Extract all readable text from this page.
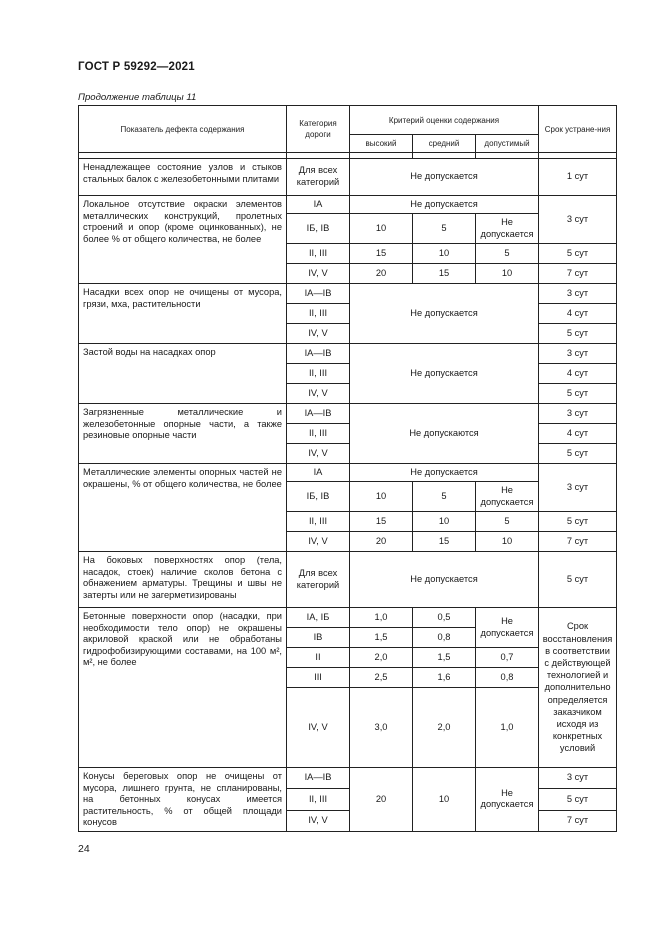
ГОСТ Р 59292—2021
Продолжение таблицы 11
Показатель дефекта содержания	Категория дороги	Критерий оценки содержания			Срок устране-ния
		высокий	средний	допустимый	

Ненадлежащее состояние узлов и стыков стальных балок с железобетонными плитами	Для всех категорий	Не допускается			1 сут
Локальное отсутствие окраски элементов металлических конструкций, пролетных строений и опор (кроме оцинкованных), не более % от общего количества, не более	IA	Не допускается			3 сут
	IБ, IB	10	5	Не допускается	
	II, III	15	10	5	5 сут
	IV, V	20	15	10	7 сут
Насадки всех опор не очищены от мусора, грязи, мха, растительности	IA—IB	Не допускается			3 сут
	II, III				4 сут
	IV, V				5 сут
Застой воды на насадках опор	IA—IB	Не допускается			3 сут
	II, III				4 сут
	IV, V				5 сут
Загрязненные металлические и железобетонные опорные части, а также резиновые опорные части	IA—IB	Не допускаются			3 сут
	II, III				4 сут
	IV, V				5 сут
Металлические элементы опорных частей не окрашены, % от общего количества, не более	IA	Не допускается			3 сут
	IБ, IB	10	5	Не допускается	
	II, III	15	10	5	5 сут
	IV, V	20	15	10	7 сут
На боковых поверхностях опор (тела, насадок, стоек) наличие сколов бетона с обнажением арматуры. Трещины и швы не затерты или не загерметизированы	Для всех категорий	Не допускается			5 сут
Бетонные поверхности опор (насадки, при необходимости тело опор) не окрашены акриловой краской или не обработаны гидрофобизирующими составами, на 100 м², м², не более	IA, IБ	1,0	0,5	Не допускается	Срок восстановления в соответствии с действующей технологией и дополнительно определяется заказчиком исходя из конкретных условий
	IB	1,5	0,8		
	II	2,0	1,5	0,7	
	III	2,5	1,6	0,8	
	IV, V	3,0	2,0	1,0	
Конусы береговых опор не очищены от мусора, лишнего грунта, не спланированы, на бетонных конусах имеется растительность, % от общей площади конусов	IA—IB	20	10	Не допускается	3 сут
	II, III				5 сут
	IV, V				7 сут
24
